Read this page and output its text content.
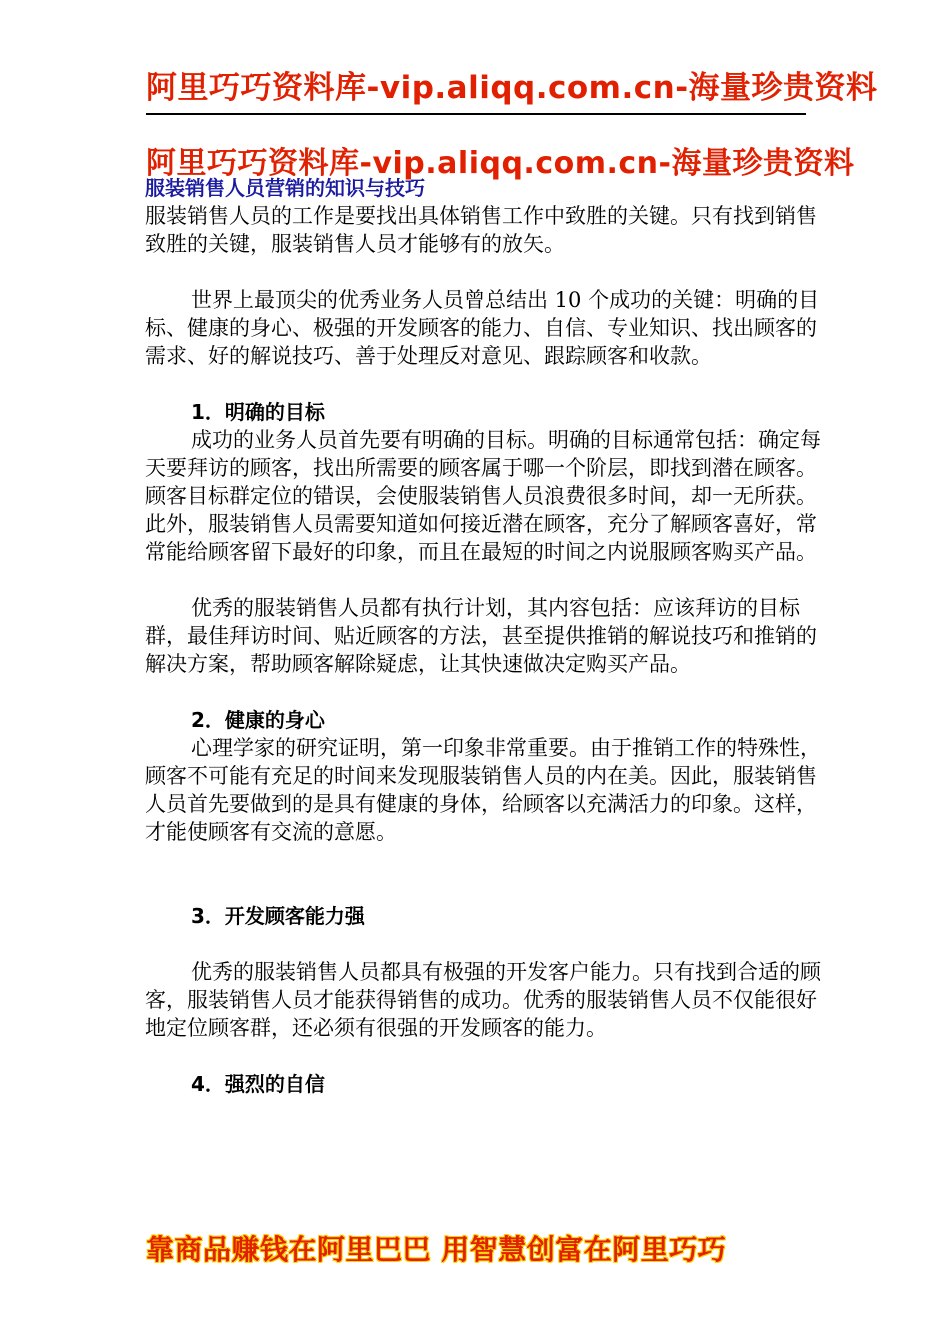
阿里巧巧资料库-vip.aliqq.com.cn-海量珍贵资料
阿里巧巧资料库-vip.aliqq.com.cn-海量珍贵资料

服装销售人员营销的知识与技巧

服装销售人员的工作是要找出具体销售工作中致胜的关键。只有找到销售致胜的关键，服装销售人员才能够有的放矢。

世界上最顶尖的优秀业务人员曾总结出 10 个成功的关键：明确的目标、健康的身心、极强的开发顾客的能力、自信、专业知识、找出顾客的需求、好的解说技巧、善于处理反对意见、跟踪顾客和收款。

1．明确的目标

成功的业务人员首先要有明确的目标。明确的目标通常包括：确定每天要拜访的顾客，找出所需要的顾客属于哪一个阶层，即找到潜在顾客。顾客目标群定位的错误，会使服装销售人员浪费很多时间，却一无所获。此外，服装销售人员需要知道如何接近潜在顾客，充分了解顾客喜好，常常能给顾客留下最好的印象，而且在最短的时间之内说服顾客购买产品。

优秀的服装销售人员都有执行计划，其内容包括：应该拜访的目标群，最佳拜访时间、贴近顾客的方法，甚至提供推销的解说技巧和推销的解决方案，帮助顾客解除疑虑，让其快速做决定购买产品。

2．健康的身心

心理学家的研究证明，第一印象非常重要。由于推销工作的特殊性，顾客不可能有充足的时间来发现服装销售人员的内在美。因此，服装销售人员首先要做到的是具有健康的身体，给顾客以充满活力的印象。这样，才能使顾客有交流的意愿。

3．开发顾客能力强

优秀的服装销售人员都具有极强的开发客户能力。只有找到合适的顾客，服装销售人员才能获得销售的成功。优秀的服装销售人员不仅能很好地定位顾客群，还必须有很强的开发顾客的能力。

4．强烈的自信

靠商品赚钱在阿里巴巴 用智慧创富在阿里巧巧
